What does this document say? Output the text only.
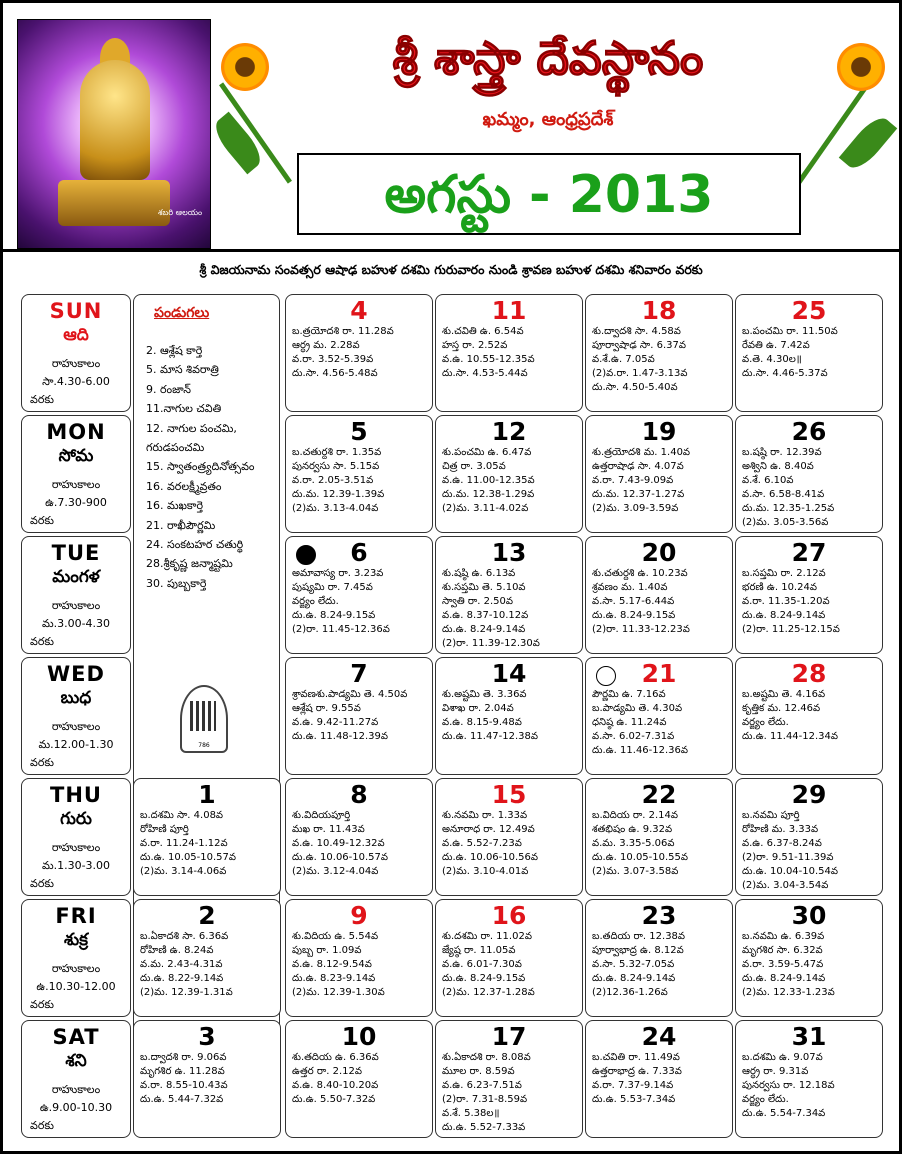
శబరి ఆలయం
శ్రీ శాస్త్రా దేవస్థానం
ఖమ్మం, ఆంధ్రప్రదేశ్
అగస్టు - 2013
శ్రీ విజయనామ సంవత్సర ఆషాఢ బహుళ దశమి గురువారం నుండి శ్రావణ బహుళ దశమి శనివారం వరకు
పండుగలు
2. ఆశ్లేష కార్తె
5. మాస శివరాత్రి
9. రంజాన్
11.నాగుల చవితి
12. నాగుల పంచమి,
గరుడపంచమి
15. స్వాతంత్ర్యదినోత్సవం
16. వరలక్ష్మీవ్రతం
16. మఖకార్తె
21. రాఖీపౌర్ణమి
24. సంకటహర చతుర్థి
28.శ్రీకృష్ణ జన్మాష్టమి
30. పుబ్బకార్తె
786
SUN
ఆది
రాహుకాలం
సా.4.30-6.00
వరకు
MON
సోమ
రాహుకాలం
ఉ.7.30-900
వరకు
TUE
మంగళ
రాహుకాలం
మ.3.00-4.30
వరకు
WED
బుధ
రాహుకాలం
మ.12.00-1.30
వరకు
THU
గురు
రాహుకాలం
మ.1.30-3.00
వరకు
FRI
శుక్ర
రాహుకాలం
ఉ.10.30-12.00
వరకు
SAT
శని
రాహుకాలం
ఉ.9.00-10.30
వరకు
4
బ.త్రయోదశి రా. 11.28వ
ఆర్ధ్ర మ. 2.28వ
వ.రా. 3.52-5.39వ
దు.సా. 4.56-5.48వ
11
శు.చవితి ఉ. 6.54వ
హస్త రా. 2.52వ
వ.ఉ. 10.55-12.35వ
దు.సా. 4.53-5.44వ
18
శు.ద్వాదశి సా. 4.58వ
పూర్వాషాఢ సా. 6.37వ
వ.శే.ఉ. 7.05వ
(2)వ.రా. 1.47-3.13వ
దు.సా. 4.50-5.40వ
25
బ.పంచమి రా. 11.50వ
రేవతి ఉ. 7.42వ
వ.తె. 4.30ల॥
దు.సా. 4.46-5.37వ
5
బ.చతుర్దశి రా. 1.35వ
పునర్వసు సా. 5.15వ
వ.రా. 2.05-3.51వ
దు.మ. 12.39-1.39వ
(2)మ. 3.13-4.04వ
12
శు.పంచమి ఉ. 6.47వ
చిత్ర రా. 3.05వ
వ.ఉ. 11.00-12.35వ
దు.మ. 12.38-1.29వ
(2)మ. 3.11-4.02వ
19
శు.త్రయోదశి మ. 1.40వ
ఉత్తరాషాఢ సా. 4.07వ
వ.రా. 7.43-9.09వ
దు.మ. 12.37-1.27వ
(2)మ. 3.09-3.59వ
26
బ.షష్ఠి రా. 12.39వ
అశ్విని ఉ. 8.40వ
వ.శే. 6.10వ
వ.సా. 6.58-8.41వ
దు.మ. 12.35-1.25వ
(2)మ. 3.05-3.56వ
6
అమావాస్య రా. 3.23వ
పుష్యమి రా. 7.45వ
వర్జ్యం లేదు.
దు.ఉ. 8.24-9.15వ
(2)రా. 11.45-12.36వ
13
శు.షష్ఠి ఉ. 6.13వ
శు.సప్తమి తె. 5.10వ
స్వాతి రా. 2.50వ
వ.ఉ. 8.37-10.12వ
దు.ఉ. 8.24-9.14వ
(2)రా. 11.39-12.30వ
20
శు.చతుర్దశి ఉ. 10.23వ
శ్రవణం మ. 1.40వ
వ.సా. 5.17-6.44వ
దు.ఉ. 8.24-9.15వ
(2)రా. 11.33-12.23వ
27
బ.సప్తమి రా. 2.12వ
భరణి ఉ. 10.24వ
వ.రా. 11.35-1.20వ
దు.ఉ. 8.24-9.14వ
(2)రా. 11.25-12.15వ
7
శ్రావణశు.పాడ్యమి తె. 4.50వ
ఆశ్లేష రా. 9.55వ
వ.ఉ. 9.42-11.27వ
దు.ఉ. 11.48-12.39వ
14
శు.అష్టమి తె. 3.36వ
విశాఖ రా. 2.04వ
వ.ఉ. 8.15-9.48వ
దు.ఉ. 11.47-12.38వ
21
పౌర్ణమి ఉ. 7.16వ
బ.పాడ్యమి తె. 4.30వ
ధనిష్ఠ ఉ. 11.24వ
వ.సా. 6.02-7.31వ
దు.ఉ. 11.46-12.36వ
28
బ.అష్టమి తె. 4.16వ
కృత్తిక మ. 12.46వ
వర్జ్యం లేదు.
దు.ఉ. 11.44-12.34వ
1
బ.దశమి సా. 4.08వ
రోహిణి పూర్తి
వ.రా. 11.24-1.12వ
దు.ఉ. 10.05-10.57వ
(2)మ. 3.14-4.06వ
8
శు.విదియపూర్తి
మఖ రా. 11.43వ
వ.ఉ. 10.49-12.32వ
దు.ఉ. 10.06-10.57వ
(2)మ. 3.12-4.04వ
15
శు.నవమి రా. 1.33వ
అనూరాధ రా. 12.49వ
వ.ఉ. 5.52-7.23వ
దు.ఉ. 10.06-10.56వ
(2)మ. 3.10-4.01వ
22
బ.విదియ రా. 2.14వ
శతభిషం ఉ. 9.32వ
వ.మ. 3.35-5.06వ
దు.ఉ. 10.05-10.55వ
(2)మ. 3.07-3.58వ
29
బ.నవమి పూర్తి
రోహిణి మ. 3.33వ
వ.ఉ. 6.37-8.24వ
(2)రా. 9.51-11.39వ
దు.ఉ. 10.04-10.54వ
(2)మ. 3.04-3.54వ
2
బ.ఏకాదశి సా. 6.36వ
రోహిణి ఉ. 8.24వ
వ.మ. 2.43-4.31వ
దు.ఉ. 8.22-9.14వ
(2)మ. 12.39-1.31వ
9
శు.విదియ ఉ. 5.54వ
పుబ్బ రా. 1.09వ
వ.ఉ. 8.12-9.54వ
దు.ఉ. 8.23-9.14వ
(2)మ. 12.39-1.30వ
16
శు.దశమి రా. 11.02వ
జ్యేష్ఠ రా. 11.05వ
వ.ఉ. 6.01-7.30వ
దు.ఉ. 8.24-9.15వ
(2)మ. 12.37-1.28వ
23
బ.తదియ రా. 12.38వ
పూర్వాభాద్ర ఉ. 8.12వ
వ.సా. 5.32-7.05వ
దు.ఉ. 8.24-9.14వ
(2)12.36-1.26వ
30
బ.నవమి ఉ. 6.39వ
మృగశిర సా. 6.32వ
వ.రా. 3.59-5.47వ
దు.ఉ. 8.24-9.14వ
(2)మ. 12.33-1.23వ
3
బ.ద్వాదశి రా. 9.06వ
మృగశిర ఉ. 11.28వ
వ.రా. 8.55-10.43వ
దు.ఉ. 5.44-7.32వ
10
శు.తదియ ఉ. 6.36వ
ఉత్తర రా. 2.12వ
వ.ఉ. 8.40-10.20వ
దు.ఉ. 5.50-7.32వ
17
శు.ఏకాదశి రా. 8.08వ
మూల రా. 8.59వ
వ.ఉ. 6.23-7.51వ
(2)రా. 7.31-8.59వ
వ.శే. 5.38ల॥
దు.ఉ. 5.52-7.33వ
24
బ.చవితి రా. 11.49వ
ఉత్తరాభాద్ర ఉ. 7.33వ
వ.రా. 7.37-9.14వ
దు.ఉ. 5.53-7.34వ
31
బ.దశమి ఉ. 9.07వ
ఆర్ధ్ర రా. 9.31వ
పునర్వసు రా. 12.18వ
వర్జ్యం లేదు.
దు.ఉ. 5.54-7.34వ
